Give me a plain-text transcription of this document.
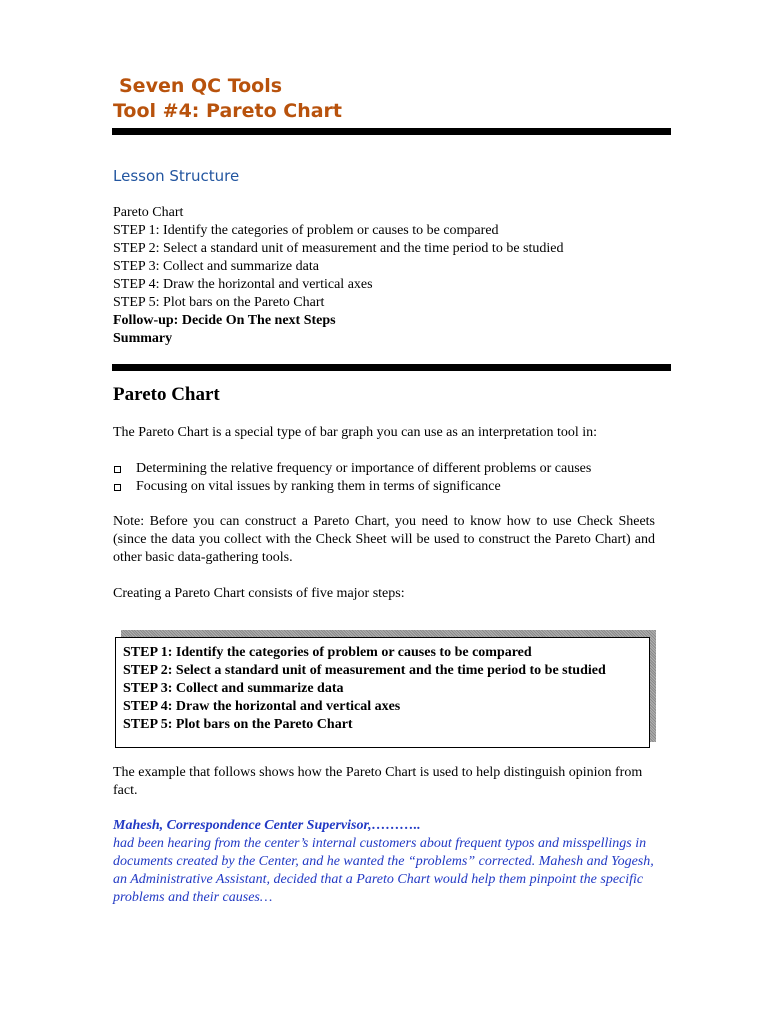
Seven QC Tools
Tool #4: Pareto Chart
Lesson Structure
Pareto Chart
STEP 1: Identify the categories of problem or causes to be compared
STEP 2: Select a standard unit of measurement and the time period to be studied
STEP 3: Collect and summarize data
STEP 4: Draw the horizontal and vertical axes
STEP 5: Plot bars on the Pareto Chart
Follow-up: Decide On The next Steps
Summary
Pareto Chart
The Pareto Chart is a special type of bar graph you can use as an interpretation tool in:
Determining the relative frequency or importance of different problems or causes
Focusing on vital issues by ranking them in terms of significance
Note: Before you can construct a Pareto Chart, you need to know how to use Check Sheets (since the data you collect with the Check Sheet will be used to construct the Pareto Chart) and other basic data-gathering tools.
Creating a Pareto Chart consists of five major steps:
STEP 1: Identify the categories of problem or causes to be compared
STEP 2: Select a standard unit of measurement and the time period to be studied
STEP 3: Collect and summarize data
STEP 4: Draw the horizontal and vertical axes
STEP 5: Plot bars on the Pareto Chart
The example that follows shows how the Pareto Chart is used to help distinguish opinion from fact.
Mahesh, Correspondence Center Supervisor,………..
had been hearing from the center’s internal customers about frequent typos and misspellings in documents created by the Center, and he wanted the “problems” corrected. Mahesh and Yogesh, an Administrative Assistant, decided that a Pareto Chart would help them pinpoint the specific problems and their causes…
